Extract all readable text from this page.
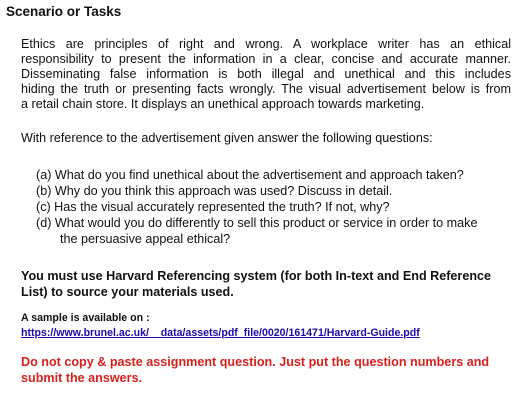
Scenario or Tasks
Ethics are principles of right and wrong. A workplace writer has an ethical
responsibility to present the information in a clear, concise and accurate manner.
Disseminating false information is both illegal and unethical and this includes
hiding the truth or presenting facts wrongly. The visual advertisement below is from
a retail chain store. It displays an unethical approach towards marketing.

With reference to the advertisement given answer the following questions:

(a) What do you find unethical about the advertisement and approach taken?
(b) Why do you think this approach was used? Discuss in detail.
(c) Has the visual accurately represented the truth? If not, why?
(d) What would you do differently to sell this product or service in order to make
the persuasive appeal ethical?

You must use Harvard Referencing system (for both In-text and End Reference List) to source your materials used.

A sample is available on :

https://www.brunel.ac.uk/__data/assets/pdf_file/0020/161471/Harvard-Guide.pdf

Do not copy & paste assignment question. Just put the question numbers and submit the answers.
